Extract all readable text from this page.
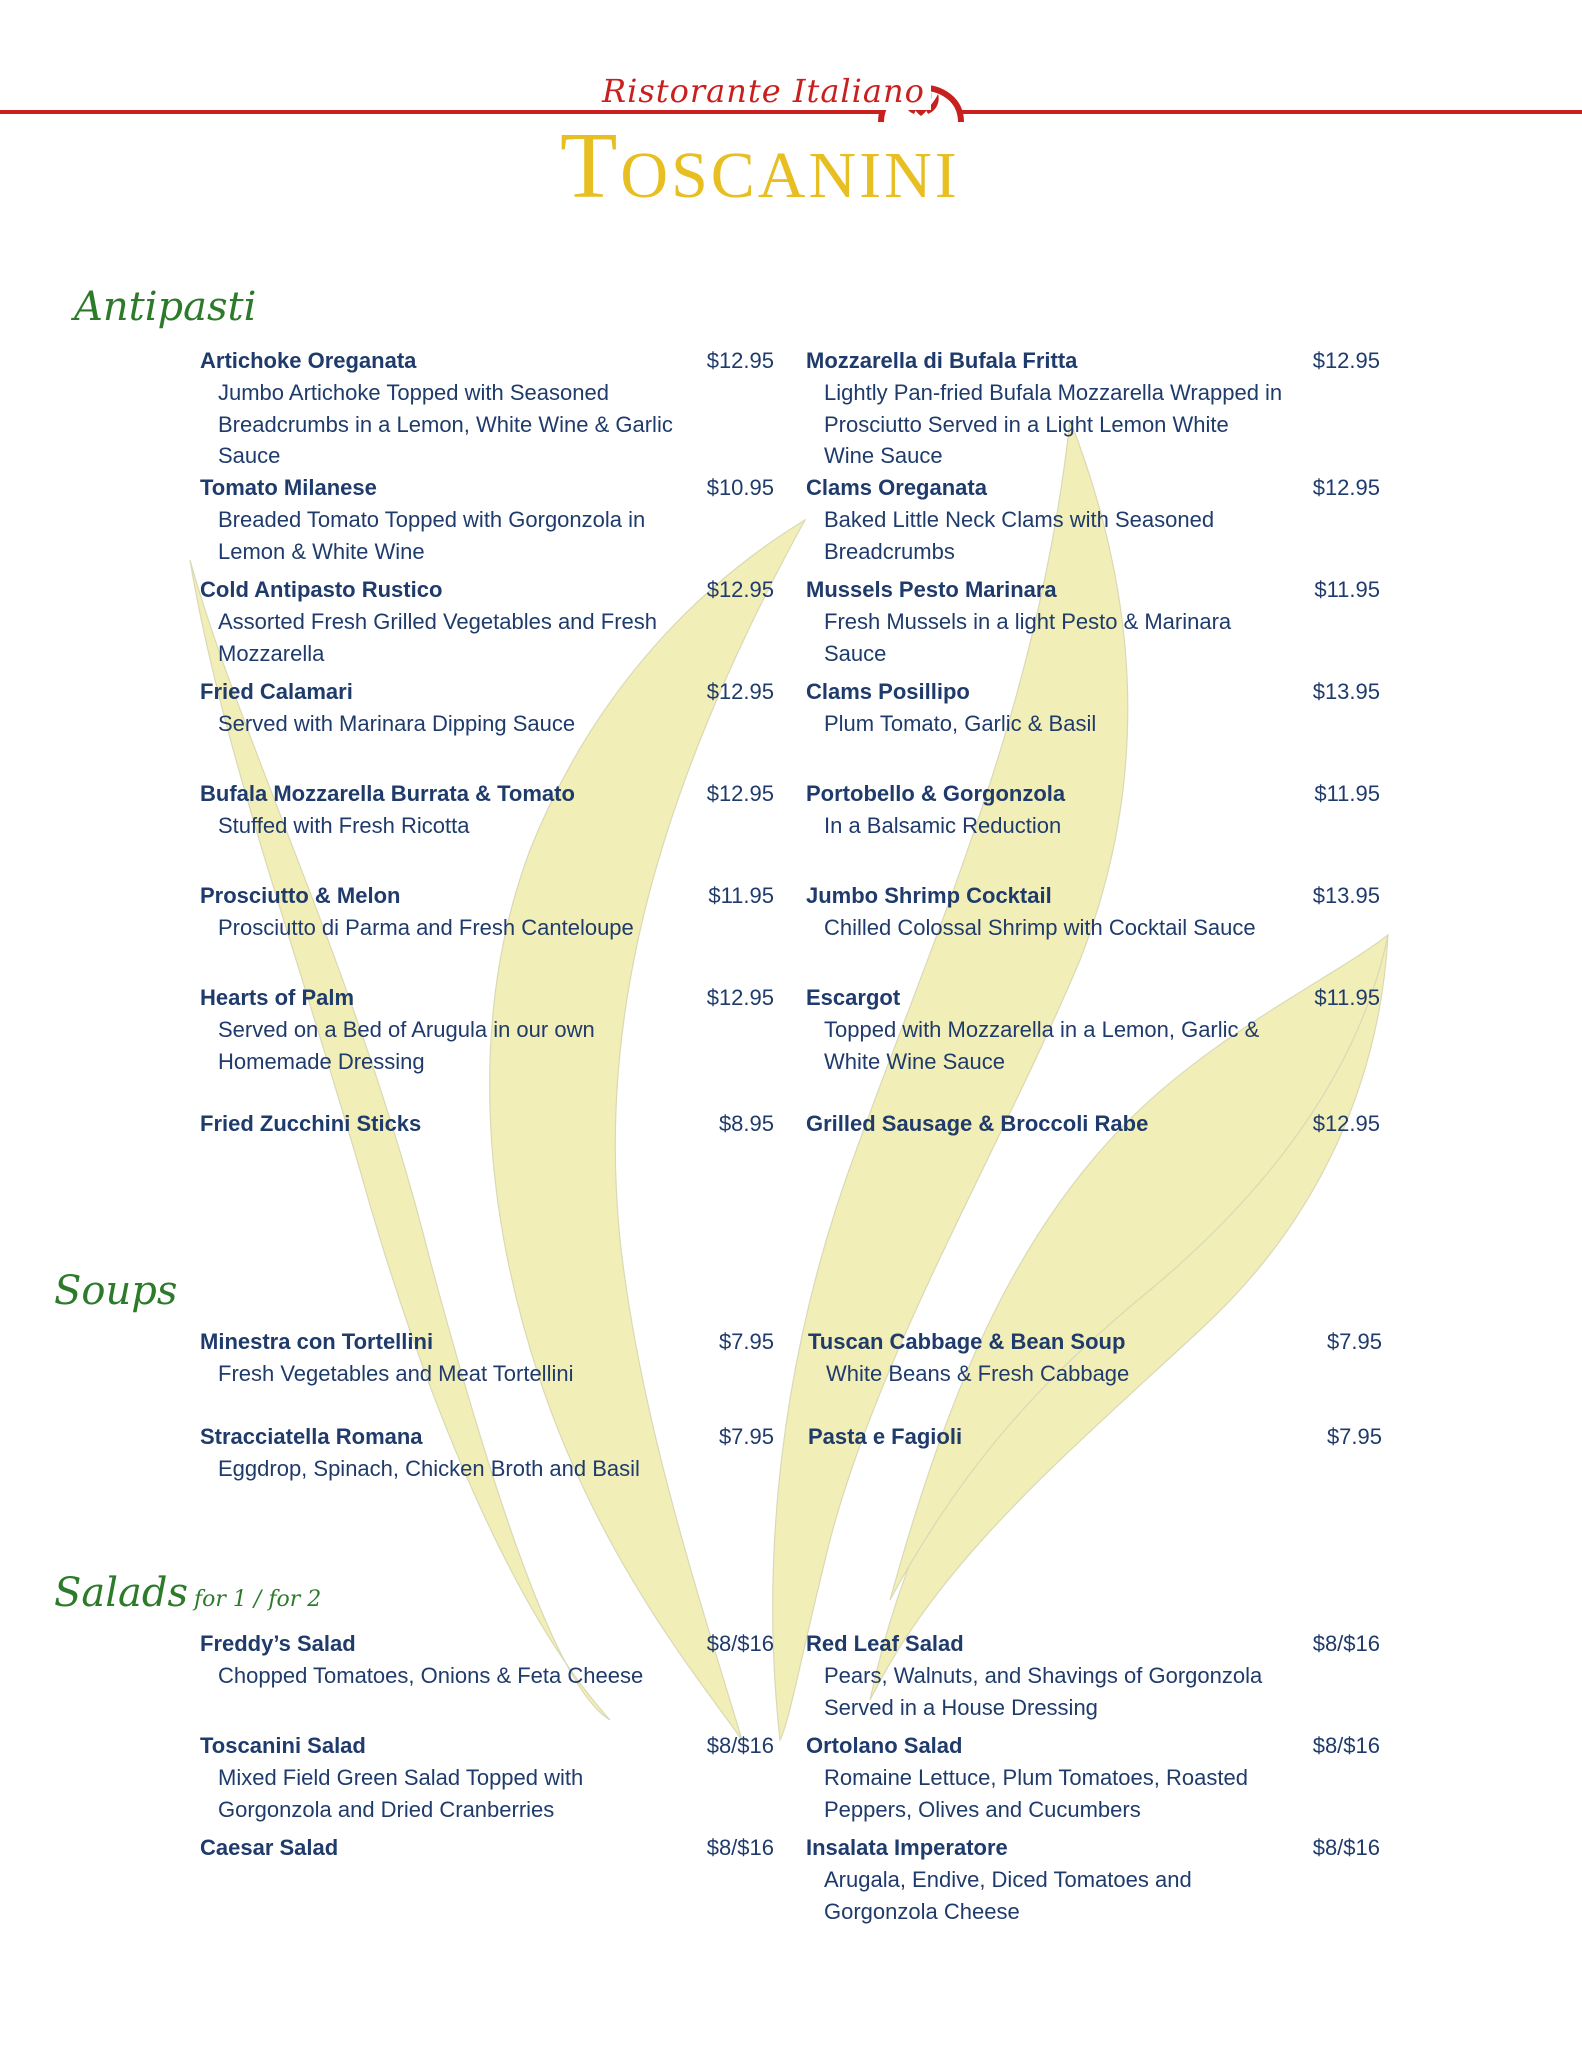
Ristorante Italiano
Toscanini
Antipasti
Soups
Salads for 1 / for 2
Artichoke Oreganata	$12.95
Jumbo Artichoke Topped with Seasoned Breadcrumbs in a Lemon, White Wine & Garlic Sauce
Tomato Milanese	$10.95
Breaded Tomato Topped with Gorgonzola in Lemon & White Wine
Cold Antipasto Rustico	$12.95
Assorted Fresh Grilled Vegetables and Fresh Mozzarella
Fried Calamari	$12.95
Served with Marinara Dipping Sauce
Bufala Mozzarella Burrata & Tomato	$12.95
Stuffed with Fresh Ricotta
Prosciutto & Melon	$11.95
Prosciutto di Parma and Fresh Canteloupe
Hearts of Palm	$12.95
Served on a Bed of Arugula in our own Homemade Dressing
Fried Zucchini Sticks	$8.95
Mozzarella di Bufala Fritta	$12.95
Lightly Pan-fried Bufala Mozzarella Wrapped in Prosciutto Served in a Light Lemon White Wine Sauce
Clams Oreganata	$12.95
Baked Little Neck Clams with Seasoned Breadcrumbs
Mussels Pesto Marinara	$11.95
Fresh Mussels in a light Pesto & Marinara Sauce
Clams Posillipo	$13.95
Plum Tomato, Garlic & Basil
Portobello & Gorgonzola	$11.95
In a Balsamic Reduction
Jumbo Shrimp Cocktail	$13.95
Chilled Colossal Shrimp with Cocktail Sauce
Escargot	$11.95
Topped with Mozzarella in a Lemon, Garlic & White Wine Sauce
Grilled Sausage & Broccoli Rabe	$12.95
Minestra con Tortellini	$7.95
Fresh Vegetables and Meat Tortellini
Stracciatella Romana	$7.95
Eggdrop, Spinach, Chicken Broth and Basil
Tuscan Cabbage & Bean Soup	$7.95
White Beans & Fresh Cabbage
Pasta e Fagioli	$7.95
Freddy’s Salad	$8/$16
Chopped Tomatoes, Onions & Feta Cheese
Toscanini Salad	$8/$16
Mixed Field Green Salad Topped with Gorgonzola and Dried Cranberries
Caesar Salad	$8/$16
Red Leaf Salad	$8/$16
Pears, Walnuts, and Shavings of Gorgonzola Served in a House Dressing
Ortolano Salad	$8/$16
Romaine Lettuce, Plum Tomatoes, Roasted Peppers, Olives and Cucumbers
Insalata Imperatore	$8/$16
Arugala, Endive, Diced Tomatoes and Gorgonzola Cheese
